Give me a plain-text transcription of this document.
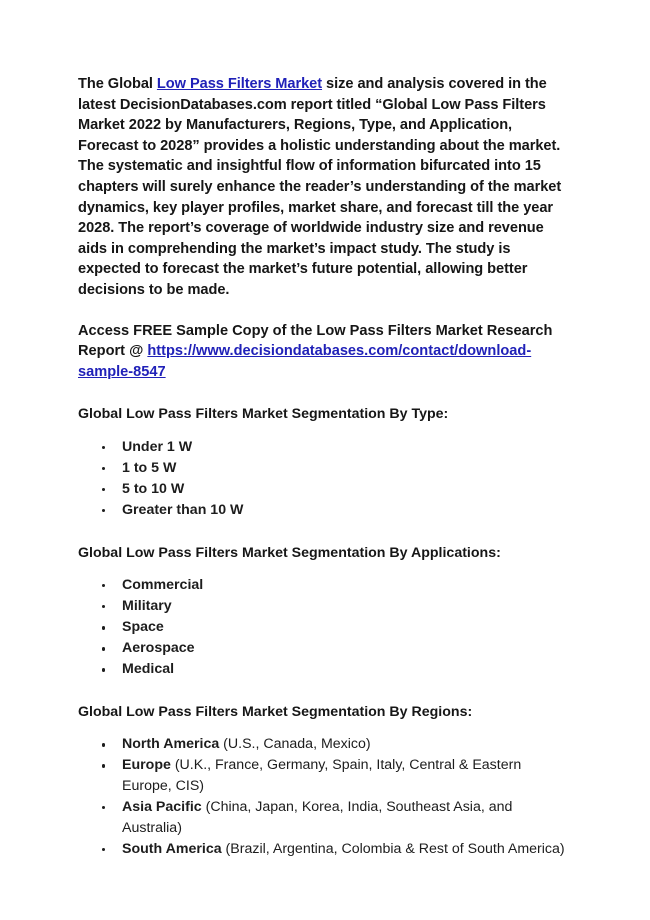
The Global Low Pass Filters Market size and analysis covered in the latest DecisionDatabases.com report titled “Global Low Pass Filters Market 2022 by Manufacturers, Regions, Type, and Application, Forecast to 2028” provides a holistic understanding about the market. The systematic and insightful flow of information bifurcated into 15 chapters will surely enhance the reader’s understanding of the market dynamics, key player profiles, market share, and forecast till the year 2028. The report’s coverage of worldwide industry size and revenue aids in comprehending the market’s impact study. The study is expected to forecast the market’s future potential, allowing better decisions to be made.

Access FREE Sample Copy of the Low Pass Filters Market Research Report @ https://www.decisiondatabases.com/contact/download-sample-8547

Global Low Pass Filters Market Segmentation By Type:
Under 1 W
1 to 5 W
5 to 10 W
Greater than 10 W
Global Low Pass Filters Market Segmentation By Applications:
Commercial
Military
Space
Aerospace
Medical
Global Low Pass Filters Market Segmentation By Regions:
North America (U.S., Canada, Mexico)
Europe (U.K., France, Germany, Spain, Italy, Central & Eastern Europe, CIS)
Asia Pacific (China, Japan, Korea, India, Southeast Asia, and Australia)
South America (Brazil, Argentina, Colombia & Rest of South America)
